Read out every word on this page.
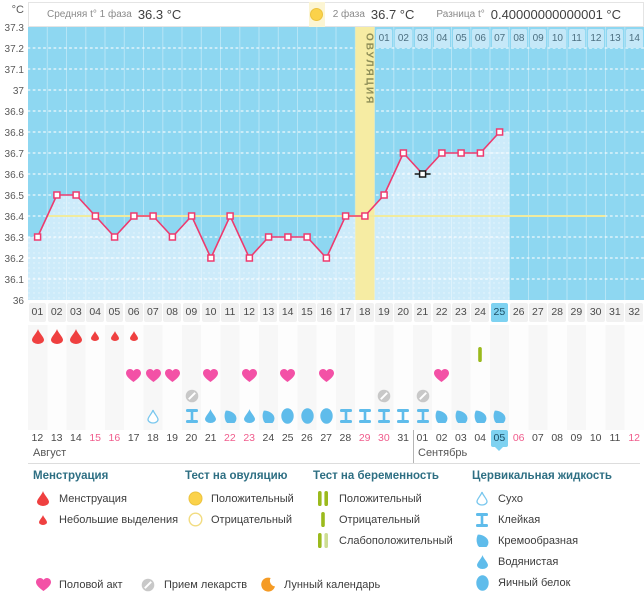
°C Средняя t° 1 фаза 36.3 °C	2 фаза 36.7 °C Разница t° 0.40000000000001 °C
01 02 03 04 05 06 07 08 09 10 11 12 13 14
ОВУЛЯЦИЯ
37.3
37.2
37.1
37
36.9
36.8
36.7
36.6
36.5
36.4
36.3
36.2
36.1
36
01 02 03 04 05 06 07 08 09 10 11 12 13 14 15 16 17 18 19 20 21 22 23 24 25 26 27 28 29 30 31 32
12 13 14 15 16 17 18 19 20 21 22 23 24 25 26 27 28 29 30 31 01 02 03 04 05 06 07 08 09 10 11 12
Август	Сентябрь
Менструация
Менструация
Небольшие выделения
Тест на овуляцию
Положительный
Отрицательный
Тест на беременность
Положительный
Отрицательный
Слабоположительный
Цервикальная жидкость
Сухо
Клейкая
Кремообразная
Водянистая
Яичный белок
Половой акт	Прием лекарств	Лунный календарь
